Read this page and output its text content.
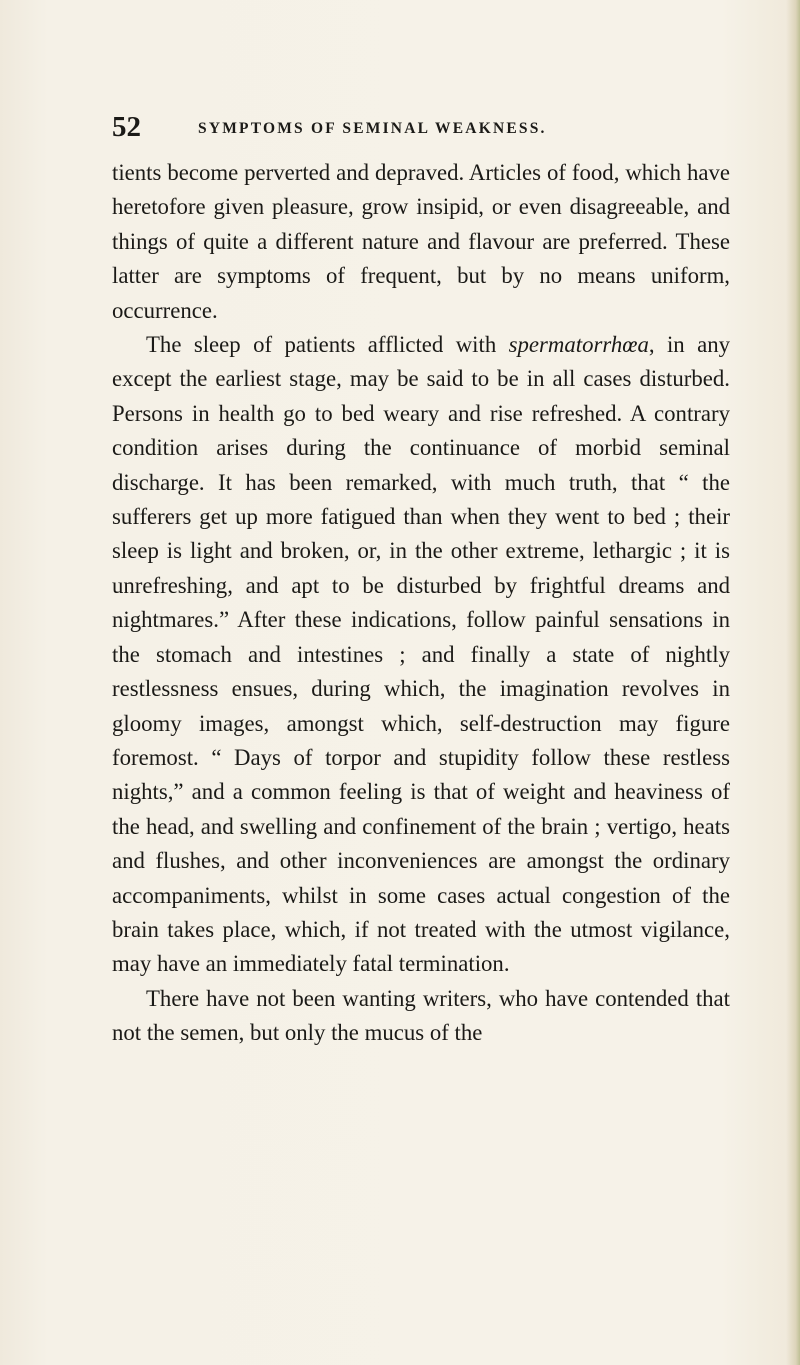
52	SYMPTOMS OF SEMINAL WEAKNESS.

tients become perverted and depraved. Articles of food, which have heretofore given pleasure, grow insipid, or even disagreeable, and things of quite a different nature and flavour are preferred. These latter are symptoms of frequent, but by no means uniform, occurrence.

The sleep of patients afflicted with spermatorrhœa, in any except the earliest stage, may be said to be in all cases disturbed. Persons in health go to bed weary and rise refreshed. A contrary condition arises during the continuance of morbid seminal discharge. It has been remarked, with much truth, that “ the sufferers get up more fatigued than when they went to bed ; their sleep is light and broken, or, in the other extreme, lethargic ; it is unrefreshing, and apt to be disturbed by frightful dreams and nightmares.” After these indications, follow painful sensations in the stomach and intestines ; and finally a state of nightly restlessness ensues, during which, the imagination revolves in gloomy images, amongst which, self-destruction may figure foremost. “ Days of torpor and stupidity follow these restless nights,” and a common feeling is that of weight and heaviness of the head, and swelling and confinement of the brain ; vertigo, heats and flushes, and other inconveniences are amongst the ordinary accompaniments, whilst in some cases actual congestion of the brain takes place, which, if not treated with the utmost vigilance, may have an immediately fatal termination.

There have not been wanting writers, who have contended that not the semen, but only the mucus of the
